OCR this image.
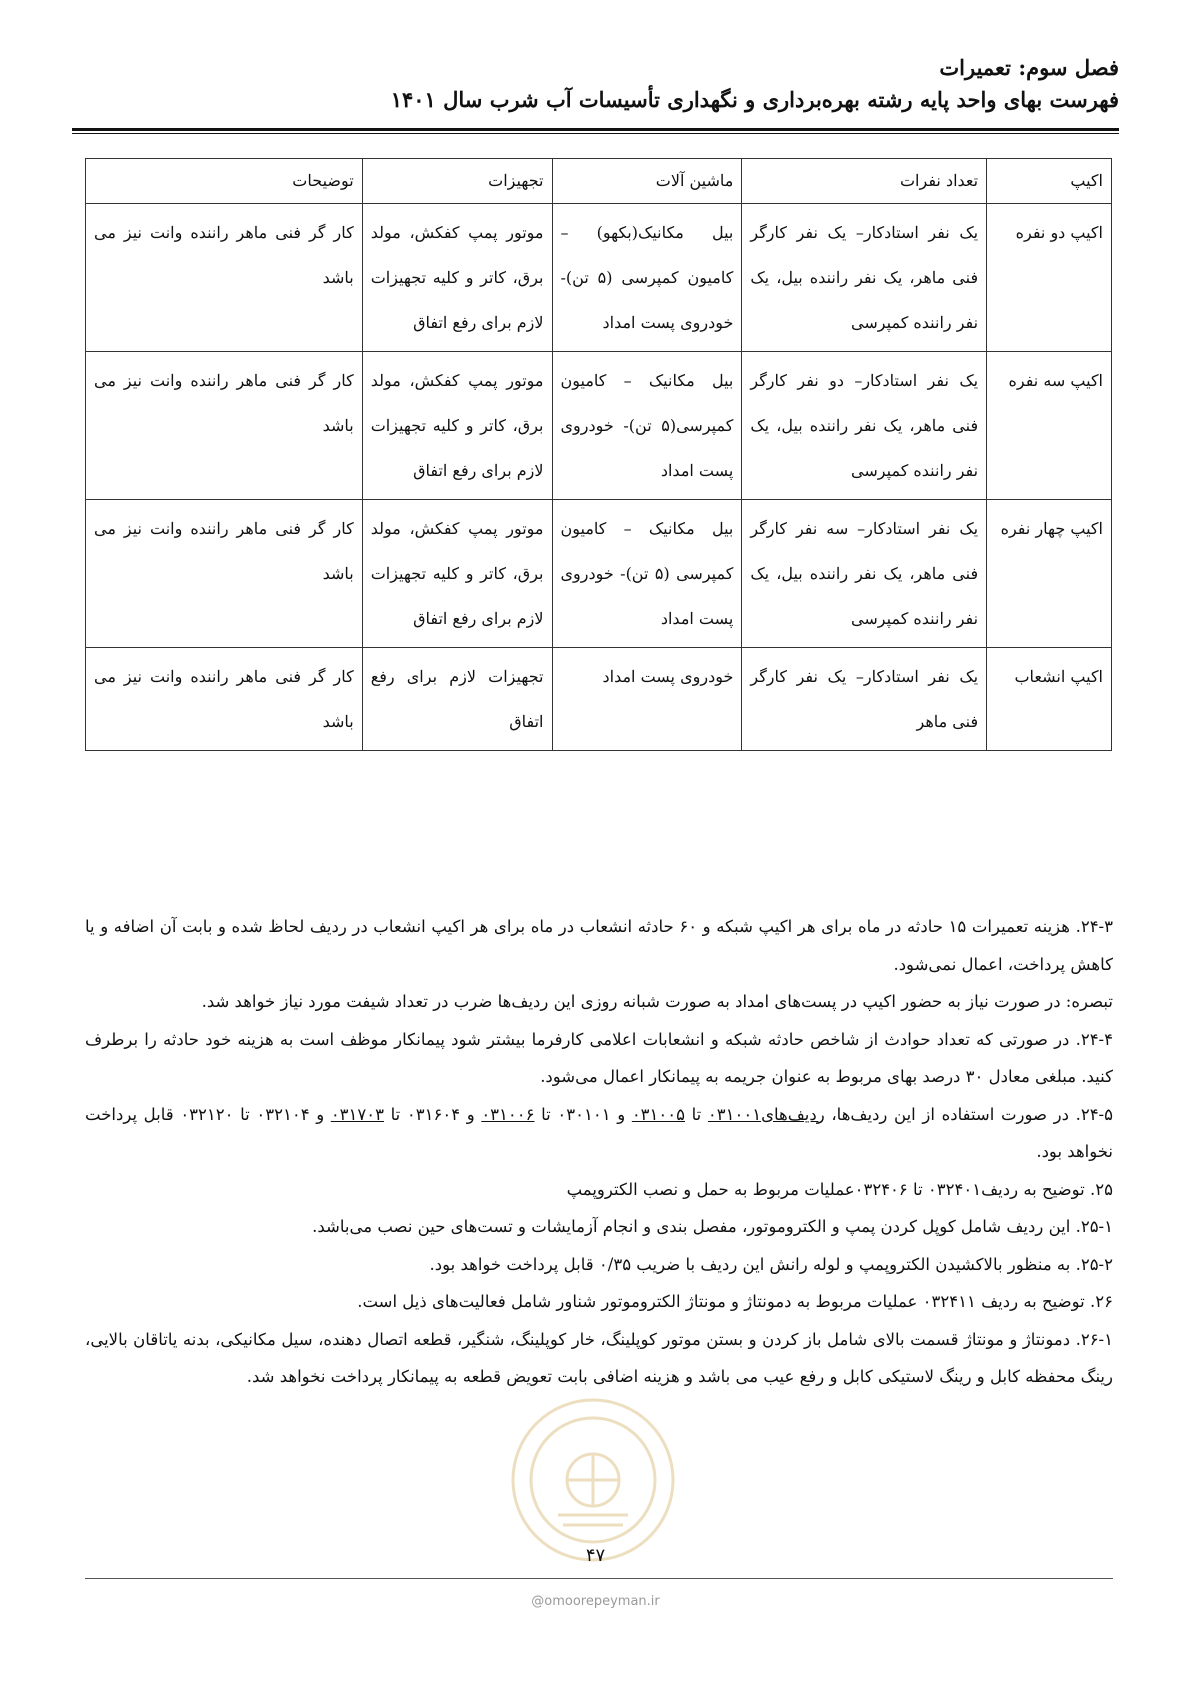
فصل سوم: تعمیرات
فهرست بهای واحد پایه رشته بهره‌برداری و نگهداری تأسیسات آب شرب سال ۱۴۰۱
اکیپ	تعداد نفرات	ماشین آلات	تجهیزات	توضیحات
اکیپ دو نفره	یک نفر استادکار– یک نفر کارگر فنی ماهر، یک نفر راننده بیل، یک نفر راننده کمپرسی	بیل مکانیک(بکهو) – کامیون کمپرسی (۵ تن)- خودروی پست امداد	موتور پمپ کفکش، مولد برق، کاتر و کلیه تجهیزات لازم برای رفع اتفاق	کار گر فنی ماهر راننده وانت نیز می باشد
اکیپ سه نفره	یک نفر استادکار– دو نفر کارگر فنی ماهر، یک نفر راننده بیل، یک نفر راننده کمپرسی	بیل مکانیک – کامیون کمپرسی(۵ تن)- خودروی پست امداد	موتور پمپ کفکش، مولد برق، کاتر و کلیه تجهیزات لازم برای رفع اتفاق	کار گر فنی ماهر راننده وانت نیز می باشد
اکیپ چهار نفره	یک نفر استادکار– سه نفر کارگر فنی ماهر، یک نفر راننده بیل، یک نفر راننده کمپرسی	بیل مکانیک – کامیون کمپرسی (۵ تن)- خودروی پست امداد	موتور پمپ کفکش، مولد برق، کاتر و کلیه تجهیزات لازم برای رفع اتفاق	کار گر فنی ماهر راننده وانت نیز می باشد
اکیپ انشعاب	یک نفر استادکار– یک نفر کارگر فنی ماهر	خودروی پست امداد	تجهیزات لازم برای رفع اتفاق	کار گر فنی ماهر راننده وانت نیز می باشد

۲۴-۳. هزینه تعمیرات ۱۵ حادثه در ماه برای هر اکیپ شبکه و ۶۰ حادثه انشعاب در ماه برای هر اکیپ انشعاب در ردیف لحاظ شده و بابت آن اضافه و یا کاهش پرداخت، اعمال نمی‌شود.

تبصره: در صورت نیاز به حضور اکیپ در پست‌های امداد به صورت شبانه روزی این ردیف‌ها ضرب در تعداد شیفت مورد نیاز خواهد شد.

۲۴-۴. در صورتی که تعداد حوادث از شاخص حادثه شبکه و انشعابات اعلامی کارفرما بیشتر شود پیمانکار موظف است به هزینه خود حادثه را برطرف کنید. مبلغی معادل ۳۰ درصد بهای مربوط به عنوان جریمه به پیمانکار اعمال می‌شود.

۲۴-۵. در صورت استفاده از این ردیف‌ها، ردیف‌های۰۳۱۰۰۱ تا ۰۳۱۰۰۵ و ۰۳۰۱۰۱ تا ۰۳۱۰۰۶ و ۰۳۱۶۰۴ تا ۰۳۱۷۰۳ و ۰۳۲۱۰۴ تا ۰۳۲۱۲۰ قابل پرداخت نخواهد بود.

۲۵. توضیح به ردیف۰۳۲۴۰۱ تا ۰۳۲۴۰۶عملیات مربوط به حمل و نصب الکتروپمپ

۲۵-۱. این ردیف شامل کوپل کردن پمپ و الکتروموتور، مفصل بندی و انجام آزمایشات و تست‌های حین نصب می‌باشد.

۲۵-۲. به منظور بالاکشیدن الکتروپمپ و لوله رانش این ردیف با ضریب ۰/۳۵ قابل پرداخت خواهد بود.

۲۶. توضیح به ردیف ۰۳۲۴۱۱ عملیات مربوط به دمونتاژ و مونتاژ الکتروموتور شناور شامل فعالیت‌های ذیل است.

۲۶-۱. دمونتاژ و مونتاژ قسمت بالای شامل باز کردن و بستن موتور کوپلینگ، خار کوپلینگ، شنگیر، قطعه اتصال دهنده، سیل مکانیکی، بدنه یاتاقان بالایی، رینگ محفظه کابل و رینگ لاستیکی کابل و رفع عیب می باشد و هزینه اضافی بابت تعویض قطعه به پیمانکار پرداخت نخواهد شد.

۴۷
@omoorepeyman.ir
